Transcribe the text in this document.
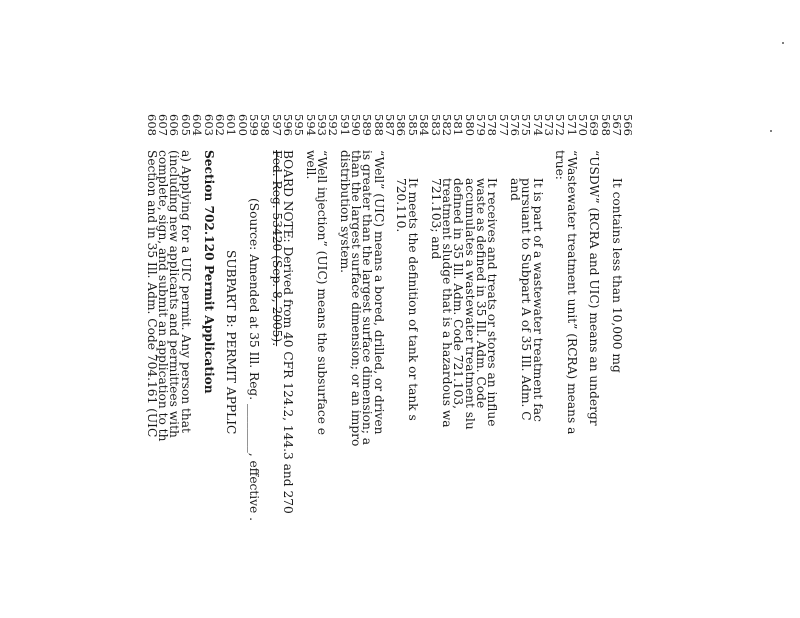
566
567
It contains less than 10,000 mg
568
569
“USDW” (RCRA and UIC) means an undergr
570
571
“Wastewater treatment unit” (RCRA) means a
572
true:
573
574
It is part of a wastewater treatment fac
575
pursuant to Subpart A of 35 Ill. Adm. C
576
and
577
578
It receives and treats or stores an influe
579
waste as defined in 35 Ill. Adm. Code
580
accumulates a wastewater treatment slu
581
defined in 35 Ill. Adm. Code 721.103,
582
treatment sludge that is a hazardous wa
583
721.103; and
584
585
It meets the definition of tank or tank s
586
720.110.
587
588
“Well” (UIC) means a bored, drilled, or driven
589
is greater than the largest surface dimension; a
590
than the largest surface dimension; or an impro
591
distribution system.
592
593
“Well injection” (UIC) means the subsurface e
594
well.
595
596
BOARD NOTE: Derived from 40 CFR 124.2, 144.3 and 270
597
Fed. Reg. 53420 (Sep. 8, 2005).
598
599
(Source: Amended at 35 Ill. Reg. ________, effective .
600
601
SUBPART B: PERMIT APPLIC
602
603
Section 702.120 Permit Application
604
605
a) Applying for a UIC permit. Any person that
606
(including new applicants and permittees with
607
complete, sign, and submit an application to th
608
Section and in 35 Ill. Adm. Code 704.161 (UIC
